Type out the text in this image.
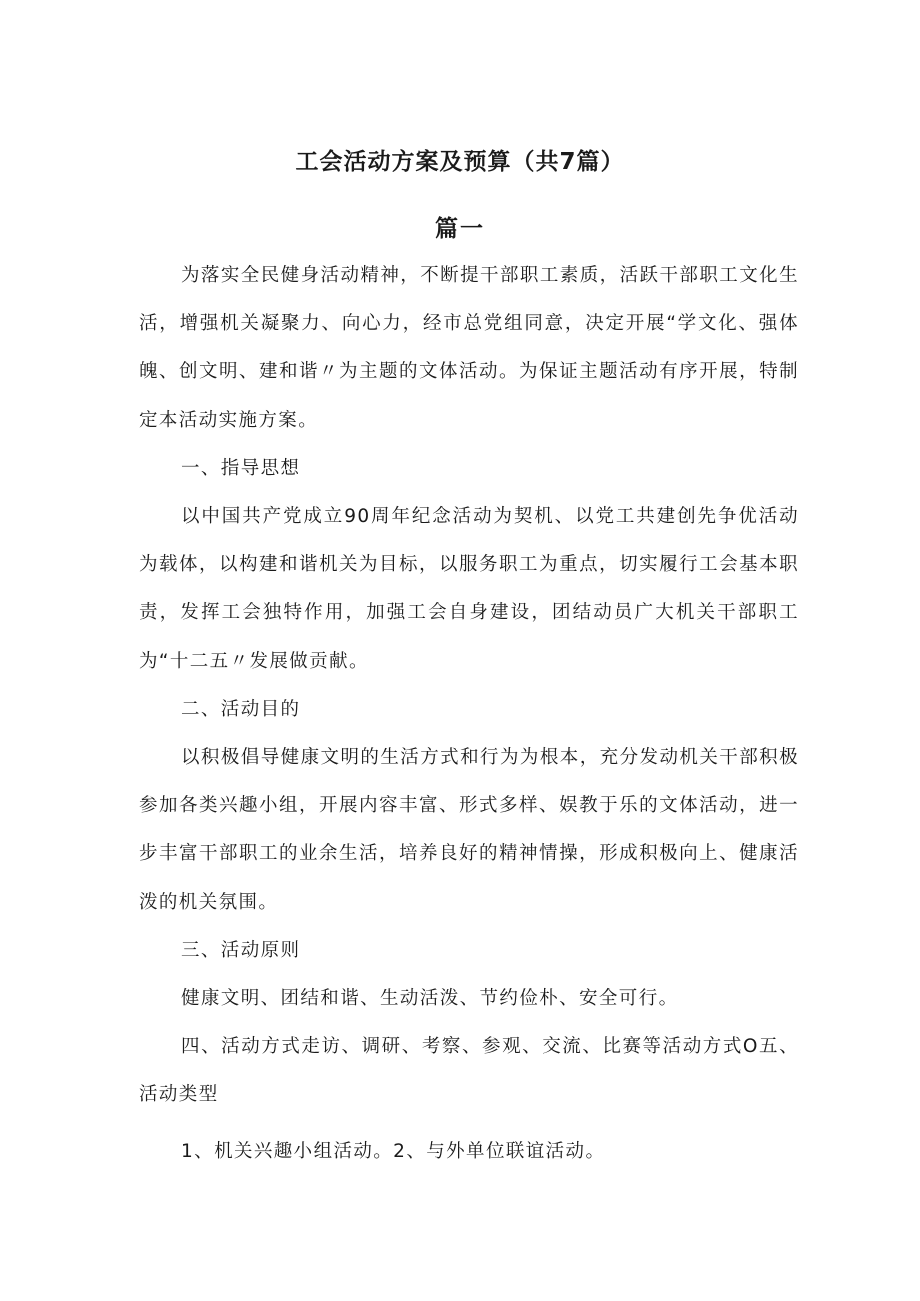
工会活动方案及预算（共7篇）
篇一

为落实全民健身活动精神，不断提干部职工素质，活跃干部职工文化生活，增强机关凝聚力、向心力，经市总党组同意，决定开展“学文化、强体魄、创文明、建和谐〃为主题的文体活动。为保证主题活动有序开展，特制定本活动实施方案。

一、指导思想

以中国共产党成立90周年纪念活动为契机、以党工共建创先争优活动为载体，以构建和谐机关为目标，以服务职工为重点，切实履行工会基本职责，发挥工会独特作用，加强工会自身建设，团结动员广大机关干部职工为“十二五〃发展做贡献。

二、活动目的

以积极倡导健康文明的生活方式和行为为根本，充分发动机关干部积极参加各类兴趣小组，开展内容丰富、形式多样、娱教于乐的文体活动，进一步丰富干部职工的业余生活，培养良好的精神情操，形成积极向上、健康活泼的机关氛围。

三、活动原则

健康文明、团结和谐、生动活泼、节约俭朴、安全可行。

四、活动方式走访、调研、考察、参观、交流、比赛等活动方式O五、活动类型

1、机关兴趣小组活动。2、与外单位联谊活动。
